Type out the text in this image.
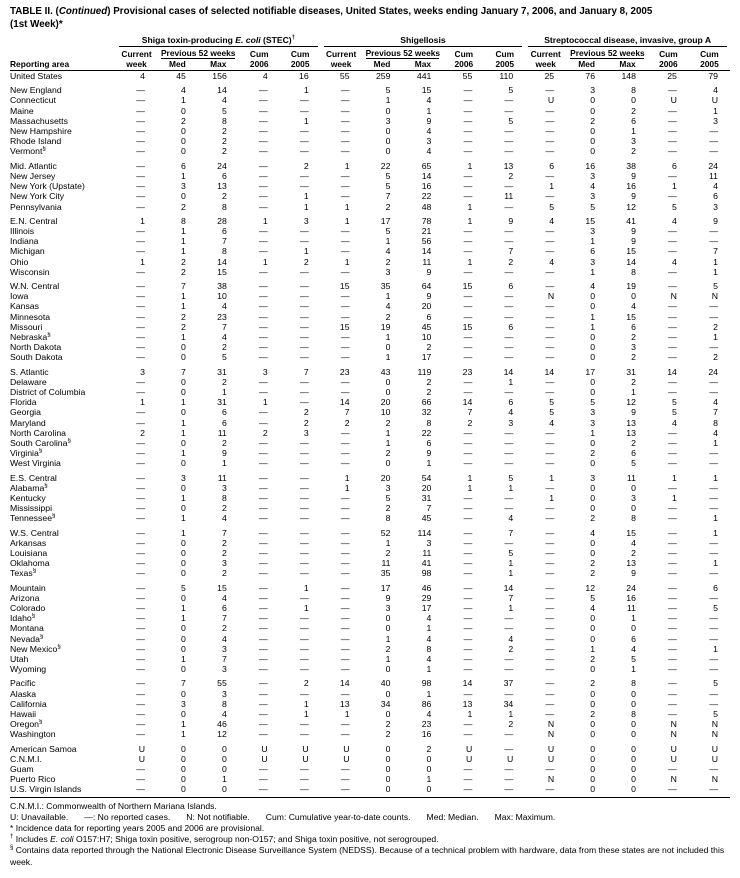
TABLE II. (Continued) Provisional cases of selected notifiable diseases, United States, weeks ending January 7, 2006, and January 8, 2005
(1st Week)*

	Shiga toxin-producing E. coli (STEC)†					Shigellosis					Streptococcal disease, invasive, group A				

	Current	Previous 52 weeks		Cum	Cum	Current	Previous 52 weeks		Cum	Cum	Current	Previous 52 weeks		Cum	Cum
Reporting area	week	Med	Max	2006	2005	week	Med	Max	2006	2005	week	Med	Max	2006	2005
United States	4	45	156	4	16	55	259	441	55	110	25	76	148	25	79
New England	—	4	14	—	1	—	5	15	—	5	—	3	8	—	4
Connecticut	—	1	4	—	—	—	1	4	—	—	U	0	0	U	U
Maine	—	0	5	—	—	—	0	1	—	—	—	0	2	—	1
Massachusetts	—	2	8	—	1	—	3	9	—	5	—	2	6	—	3
New Hampshire	—	0	2	—	—	—	0	4	—	—	—	0	1	—	—
Rhode Island	—	0	2	—	—	—	0	3	—	—	—	0	3	—	—
Vermont§	—	0	2	—	—	—	0	4	—	—	—	0	2	—	—
Mid. Atlantic	—	6	24	—	2	1	22	65	1	13	6	16	38	6	24
New Jersey	—	1	6	—	—	—	5	14	—	2	—	3	9	—	11
New York (Upstate)	—	3	13	—	—	—	5	16	—	—	1	4	16	1	4
New York City	—	0	2	—	1	—	7	22	—	11	—	3	9	—	6
Pennsylvania	—	2	8	—	1	1	2	48	1	—	5	5	12	5	3
E.N. Central	1	8	28	1	3	1	17	78	1	9	4	15	41	4	9
Illinois	—	1	6	—	—	—	5	21	—	—	—	3	9	—	—
Indiana	—	1	7	—	—	—	1	56	—	—	—	1	9	—	—
Michigan	—	1	8	—	1	—	4	14	—	7	—	6	15	—	7
Ohio	1	2	14	1	2	1	2	11	1	2	4	3	14	4	1
Wisconsin	—	2	15	—	—	—	3	9	—	—	—	1	8	—	1
W.N. Central	—	7	38	—	—	15	35	64	15	6	—	4	19	—	5
Iowa	—	1	10	—	—	—	1	9	—	—	N	0	0	N	N
Kansas	—	1	4	—	—	—	4	20	—	—	—	0	4	—	—
Minnesota	—	2	23	—	—	—	2	6	—	—	—	1	15	—	—
Missouri	—	2	7	—	—	15	19	45	15	6	—	1	6	—	2
Nebraska§	—	1	4	—	—	—	1	10	—	—	—	0	2	—	1
North Dakota	—	0	2	—	—	—	0	2	—	—	—	0	3	—	—
South Dakota	—	0	5	—	—	—	1	17	—	—	—	0	2	—	2
S. Atlantic	3	7	31	3	7	23	43	119	23	14	14	17	31	14	24
Delaware	—	0	2	—	—	—	0	2	—	1	—	0	2	—	—
District of Columbia	—	0	1	—	—	—	0	2	—	—	—	0	1	—	—
Florida	1	1	31	1	—	14	20	66	14	6	5	5	12	5	4
Georgia	—	0	6	—	2	7	10	32	7	4	5	3	9	5	7
Maryland	—	1	6	—	2	2	2	8	2	3	4	3	13	4	8
North Carolina	2	1	11	2	3	—	1	22	—	—	—	1	13	—	4
South Carolina§	—	0	2	—	—	—	1	6	—	—	—	0	2	—	1
Virginia§	—	1	9	—	—	—	2	9	—	—	—	2	6	—	—
West Virginia	—	0	1	—	—	—	0	1	—	—	—	0	5	—	—
E.S. Central	—	3	11	—	—	1	20	54	1	5	1	3	11	1	1
Alabama§	—	0	3	—	—	1	3	20	1	1	—	0	0	—	—
Kentucky	—	1	8	—	—	—	5	31	—	—	1	0	3	1	—
Mississippi	—	0	2	—	—	—	2	7	—	—	—	0	0	—	—
Tennessee§	—	1	4	—	—	—	8	45	—	4	—	2	8	—	1
W.S. Central	—	1	7	—	—	—	52	114	—	7	—	4	15	—	1
Arkansas	—	0	2	—	—	—	1	3	—	—	—	0	4	—	—
Louisiana	—	0	2	—	—	—	2	11	—	5	—	0	2	—	—
Oklahoma	—	0	3	—	—	—	11	41	—	1	—	2	13	—	1
Texas§	—	0	2	—	—	—	35	98	—	1	—	2	9	—	—
Mountain	—	5	15	—	1	—	17	46	—	14	—	12	24	—	6
Arizona	—	0	4	—	—	—	9	29	—	7	—	5	16	—	—
Colorado	—	1	6	—	1	—	3	17	—	1	—	4	11	—	5
Idaho§	—	1	7	—	—	—	0	4	—	—	—	0	1	—	—
Montana	—	0	2	—	—	—	0	1	—	—	—	0	0	—	—
Nevada§	—	0	4	—	—	—	1	4	—	4	—	0	6	—	—
New Mexico§	—	0	3	—	—	—	2	8	—	2	—	1	4	—	1
Utah	—	1	7	—	—	—	1	4	—	—	—	2	5	—	—
Wyoming	—	0	3	—	—	—	0	1	—	—	—	0	1	—	—
Pacific	—	7	55	—	2	14	40	98	14	37	—	2	8	—	5
Alaska	—	0	3	—	—	—	0	1	—	—	—	0	0	—	—
California	—	3	8	—	1	13	34	86	13	34	—	0	0	—	—
Hawaii	—	0	4	—	1	1	0	4	1	1	—	2	8	—	5
Oregon§	—	1	46	—	—	—	2	23	—	2	N	0	0	N	N
Washington	—	1	12	—	—	—	2	16	—	—	N	0	0	N	N
American Samoa	U	0	0	U	U	U	0	2	U	—	U	0	0	U	U
C.N.M.I.	U	0	0	U	U	U	0	0	U	U	U	0	0	U	U
Guam	—	0	0	—	—	—	0	0	—	—	—	0	0	—	—
Puerto Rico	—	0	1	—	—	—	0	1	—	—	N	0	0	N	N
U.S. Virgin Islands	—	0	0	—	—	—	0	0	—	—	—	0	0	—	—
C.N.M.I.: Commonwealth of Northern Mariana Islands.
U: Unavailable. —: No reported cases. N: Not notifiable. Cum: Cumulative year-to-date counts. Med: Median. Max: Maximum.
* Incidence data for reporting years 2005 and 2006 are provisional.
† Includes E. coli O157:H7; Shiga toxin positive, serogroup non-O157; and Shiga toxin positive, not serogrouped.
§ Contains data reported through the National Electronic Disease Surveillance System (NEDSS). Because of a technical problem with hardware, data from these states are not included this week.
